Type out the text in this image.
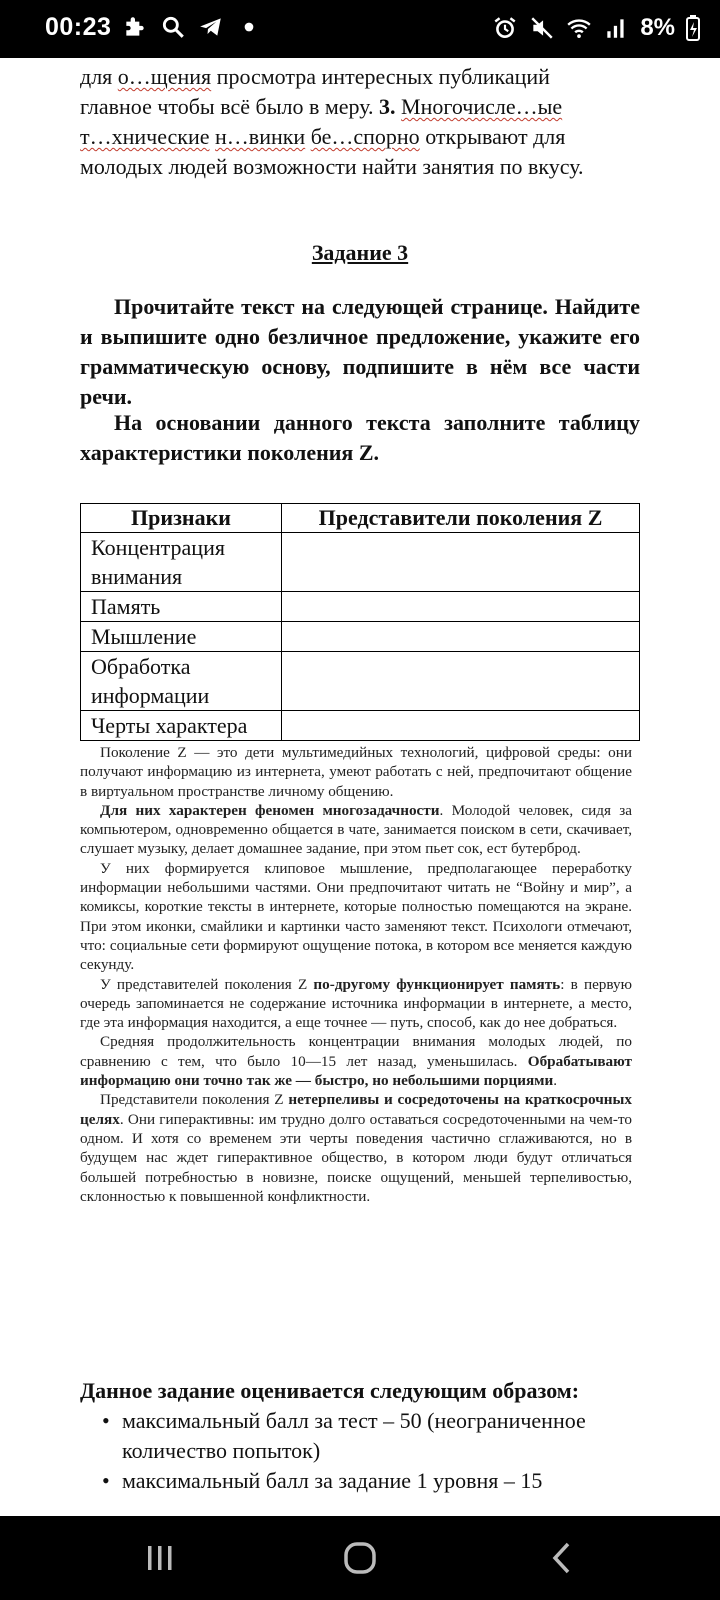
00:23	8%
для о…щения просмотра интересных публикаций
главное чтобы всё было в меру. 3. Многочисле…ые
т…хнические н…винки бе…спорно открывают для
молодых людей возможности найти занятия по вкусу.
Задание 3
Прочитайте текст на следующей странице. Найдите и выпишите одно безличное предложение, укажите его грамматическую основу, подпишите в нём все части речи.
На основании данного текста заполните таблицу характеристики поколения Z.
Признаки	Представители поколения Z
Концентрация внимания	
Память	
Мышление	
Обработка информации	
Черты характера	

Поколение Z — это дети мультимедийных технологий, цифровой среды: они получают информацию из интернета, умеют работать с ней, предпочитают общение в виртуальном пространстве личному общению.

Для них характерен феномен многозадачности. Молодой человек, сидя за компьютером, одновременно общается в чате, занимается поиском в сети, скачивает, слушает музыку, делает домашнее задание, при этом пьет сок, ест бутерброд.

У них формируется клиповое мышление, предполагающее переработку информации небольшими частями. Они предпочитают читать не “Войну и мир”, а комиксы, короткие тексты в интернете, которые полностью помещаются на экране. При этом иконки, смайлики и картинки часто заменяют текст. Психологи отмечают, что: социальные сети формируют ощущение потока, в котором все меняется каждую секунду.

У представителей поколения Z по-другому функционирует память: в первую очередь запоминается не содержание источника информации в интернете, а место, где эта информация находится, а еще точнее — путь, способ, как до нее добраться.

Средняя продолжительность концентрации внимания молодых людей, по сравнению с тем, что было 10—15 лет назад, уменьшилась. Обрабатывают информацию они точно так же — быстро, но небольшими порциями.

Представители поколения Z нетерпеливы и сосредоточены на краткосрочных целях. Они гиперактивны: им трудно долго оставаться сосредоточенными на чем-то одном. И хотя со временем эти черты поведения частично сглаживаются, но в будущем нас ждет гиперактивное общество, в котором люди будут отличаться большей потребностью в новизне, поиске ощущений, меньшей терпеливостью, склонностью к повышенной конфликтности.

Данное задание оценивается следующим образом:
• максимальный балл за тест – 50 (неограниченное количество попыток)
• максимальный балл за задание 1 уровня – 15
